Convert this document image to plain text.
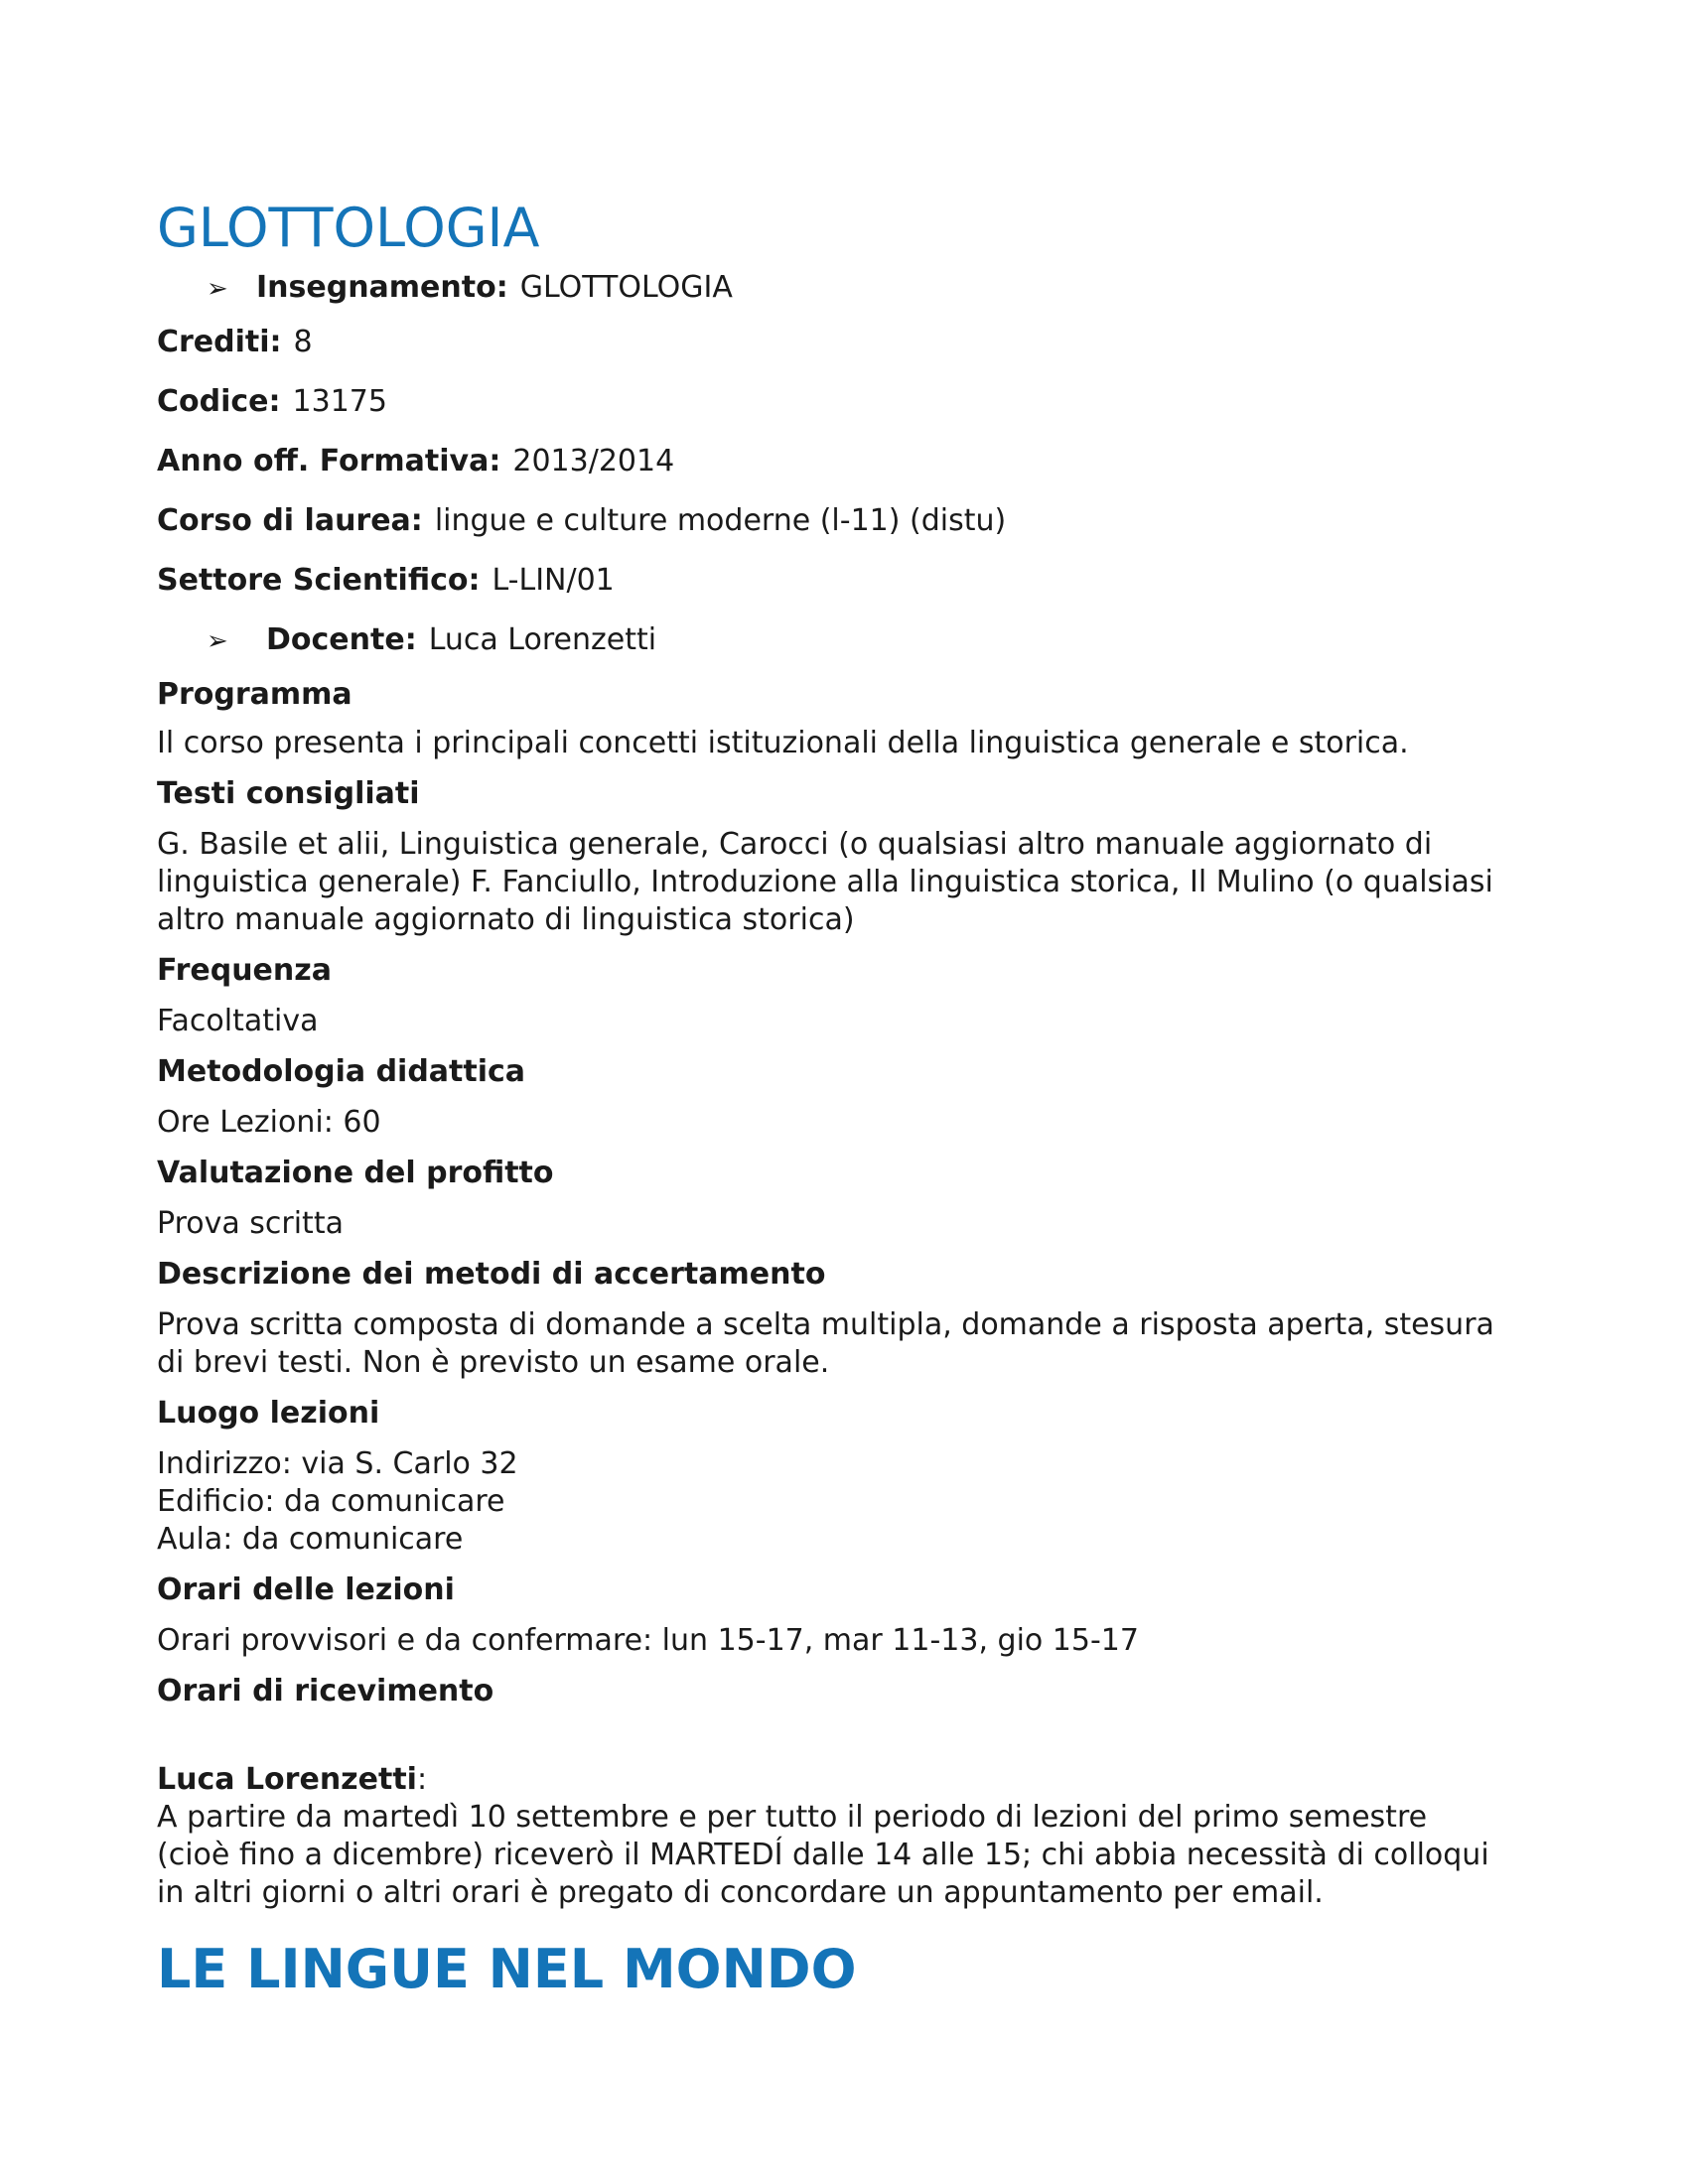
GLOTTOLOGIA

➢ Insegnamento: GLOTTOLOGIA

Crediti: 8

Codice: 13175

Anno off. Formativa: 2013/2014

Corso di laurea: lingue e culture moderne (l-11) (distu)

Settore Scientifico: L-LIN/01

➢ Docente: Luca Lorenzetti

Programma

Il corso presenta i principali concetti istituzionali della linguistica generale e storica.

Testi consigliati

G. Basile et alii, Linguistica generale, Carocci (o qualsiasi altro manuale aggiornato di

linguistica generale) F. Fanciullo, Introduzione alla linguistica storica, Il Mulino (o qualsiasi

altro manuale aggiornato di linguistica storica)

Frequenza

Facoltativa

Metodologia didattica

Ore Lezioni: 60

Valutazione del profitto

Prova scritta

Descrizione dei metodi di accertamento

Prova scritta composta di domande a scelta multipla, domande a risposta aperta, stesura

di brevi testi. Non è previsto un esame orale.

Luogo lezioni

Indirizzo: via S. Carlo 32

Edificio: da comunicare

Aula: da comunicare

Orari delle lezioni

Orari provvisori e da confermare: lun 15-17, mar 11-13, gio 15-17

Orari di ricevimento

Luca Lorenzetti:

A partire da martedì 10 settembre e per tutto il periodo di lezioni del primo semestre

(cioè fino a dicembre) riceverò il MARTEDÍ dalle 14 alle 15; chi abbia necessità di colloqui

in altri giorni o altri orari è pregato di concordare un appuntamento per email.

LE LINGUE NEL MONDO
